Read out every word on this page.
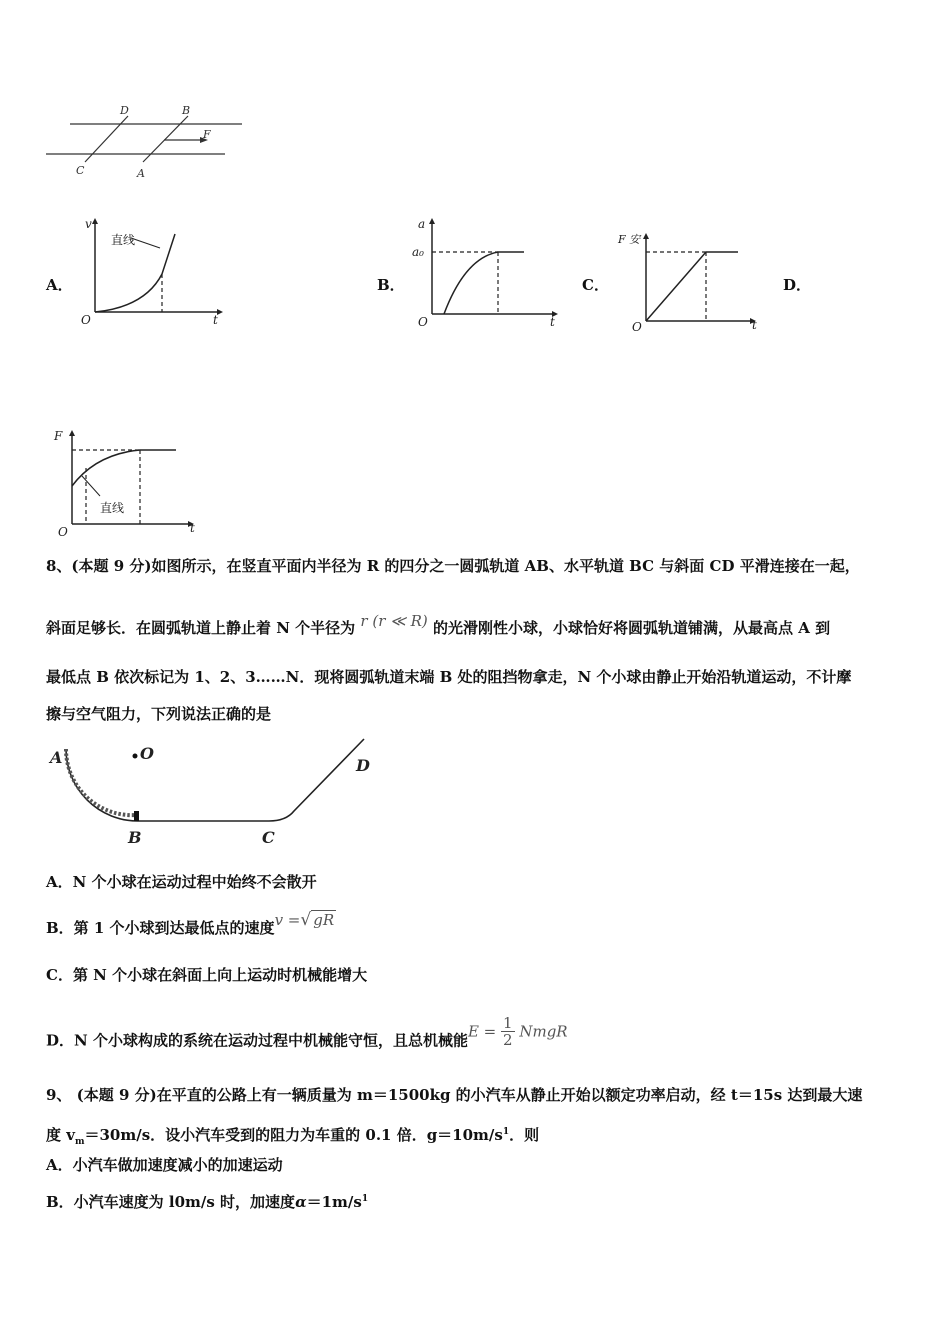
D	B
F
C	A
A．
v
t
O
直线
B．
a
a₀
t
O
C．
F 安
t
O
D．
F
t
O
直线
8、(本题 9 分)如图所示，在竖直平面内半径为 R 的四分之一圆弧轨道 AB、水平轨道 BC 与斜面 CD 平滑连接在一起，
斜面足够长．在圆弧轨道上静止着 N 个半径为 r (r ≪ R) 的光滑刚性小球，小球恰好将圆弧轨道铺满，从最高点 A 到
最低点 B 依次标记为 1、2、3……N．现将圆弧轨道末端 B 处的阻挡物拿走，N 个小球由静止开始沿轨道运动，不计摩
擦与空气阻力，下列说法正确的是
A	O
B	C
D
A．N 个小球在运动过程中始终不会散开
B．第 1 个小球到达最低点的速度v =√ gR
C．第 N 个小球在斜面上向上运动时机械能增大
D．N 个小球构成的系统在运动过程中机械能守恒，且总机械能$E = \frac{1}{2}$ NmgR
9、 (本题 9 分)在平直的公路上有一辆质量为 m＝1500kg 的小汽车从静止开始以额定功率启动，经 t＝15s 达到最大速
度 $v_m=30m/s$．设小汽车受到的阻力为车重的 0.1 倍．$g=10m/s^1$．则
A．小汽车做加速度减小的加速运动
B．小汽车速度为 l0m/s 时，加速度$\alpha=1m/s^1$
